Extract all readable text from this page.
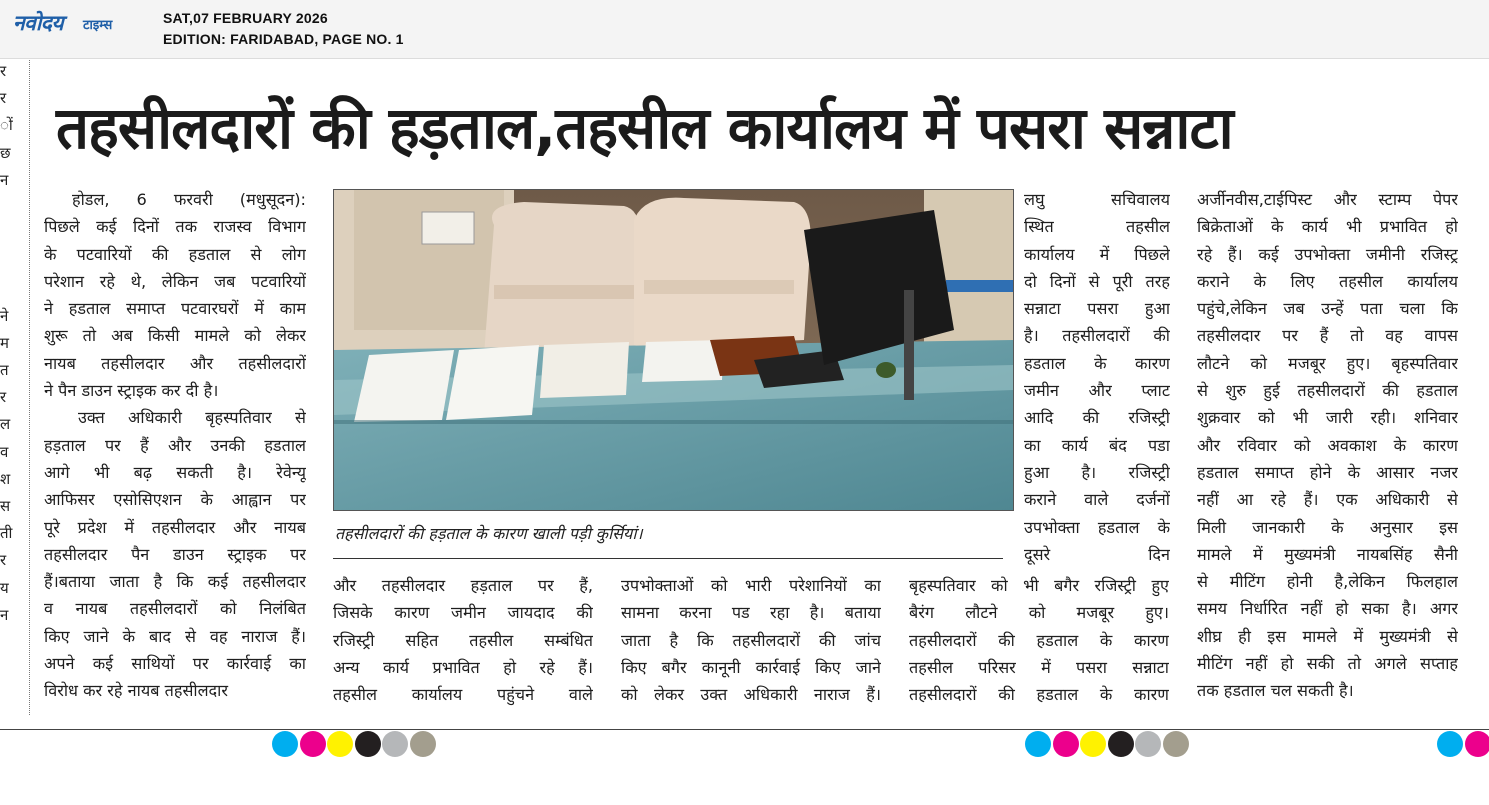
नवोदय टाइम्स	SAT,07 FEBRUARY 2026
EDITION: FARIDABAD, PAGE NO. 1
र
र
ों
छ
न
ने
म
त
र
ल
व
श
स
ती
र
य
न
तहसीलदारों की हड़ताल,तहसील कार्यालय में पसरा सन्नाटा
होडल, 6 फरवरी (मधुसूदन):
पिछले कई दिनों तक राजस्व विभाग
के पटवारियों की हडताल से लोग
परेशान रहे थे, लेकिन जब पटवारियों
ने हडताल समाप्त पटवारघरों में काम
शुरू तो अब किसी मामले को लेकर
नायब तहसीलदार और तहसीलदारों
ने पैन डाउन स्ट्राइक कर दी है।
उक्त अधिकारी बृहस्पतिवार से
हड़ताल पर हैं और उनकी हडताल
आगे भी बढ़ सकती है। रेवेन्यू
आफिसर एसोसिएशन के आह्वान पर
पूरे प्रदेश में तहसीलदार और नायब
तहसीलदार पैन डाउन स्ट्राइक पर
हैं।बताया जाता है कि कई तहसीलदार
व नायब तहसीलदारों को निलंबित
किए जाने के बाद से वह नाराज हैं।
अपने कई साथियों पर कार्रवाई का
विरोध कर रहे नायब तहसीलदार
तहसीलदारों की हड़ताल के कारण खाली पड़ी कुर्सियां।
लघु सचिवालय
स्थित तहसील
कार्यालय में पिछले
दो दिनों से पूरी तरह
सन्नाटा पसरा हुआ
है। तहसीलदारों की
हडताल के कारण
जमीन और प्लाट
आदि की रजिस्ट्री
का कार्य बंद पडा
हुआ है। रजिस्ट्री
कराने वाले दर्जनों
उपभोक्ता हडताल के
दूसरे दिन
अर्जीनवीस,टाईपिस्ट और स्टाम्प पेपर
बिक्रेताओं के कार्य भी प्रभावित हो
रहे हैं। कई उपभोक्ता जमीनी रजिस्ट्र
कराने के लिए तहसील कार्यालय
पहुंचे,लेकिन जब उन्हें पता चला कि
तहसीलदार पर हैं तो वह वापस
लौटने को मजबूर हुए। बृहस्पतिवार
से शुरु हुई तहसीलदारों की हडताल
शुक्रवार को भी जारी रही। शनिवार
और रविवार को अवकाश के कारण
हडताल समाप्त होने के आसार नजर
नहीं आ रहे हैं। एक अधिकारी से
मिली जानकारी के अनुसार इस
मामले में मुख्यमंत्री नायबसिंह सैनी
से मीटिंग होनी है,लेकिन फिलहाल
समय निर्धारित नहीं हो सका है। अगर
शीघ्र ही इस मामले में मुख्यमंत्री से
मीटिंग नहीं हो सकी तो अगले सप्ताह
तक हडताल चल सकती है।
और तहसीलदार हड़ताल पर हैं,
जिसके कारण जमीन जायदाद की
रजिस्ट्री सहित तहसील सम्बंधित
अन्य कार्य प्रभावित हो रहे हैं।
तहसील कार्यालय पहुंचने वाले
उपभोक्ताओं को भारी परेशानियों का
सामना करना पड रहा है। बताया
जाता है कि तहसीलदारों की जांच
किए बगैर कानूनी कार्रवाई किए जाने
को लेकर उक्त अधिकारी नाराज हैं।
बृहस्पतिवार को भी बगैर रजिस्ट्री हुए
बैरंग लौटने को मजबूर हुए।
तहसीलदारों की हडताल के कारण
तहसील परिसर में पसरा सन्नाटा
तहसीलदारों की हडताल के कारण
